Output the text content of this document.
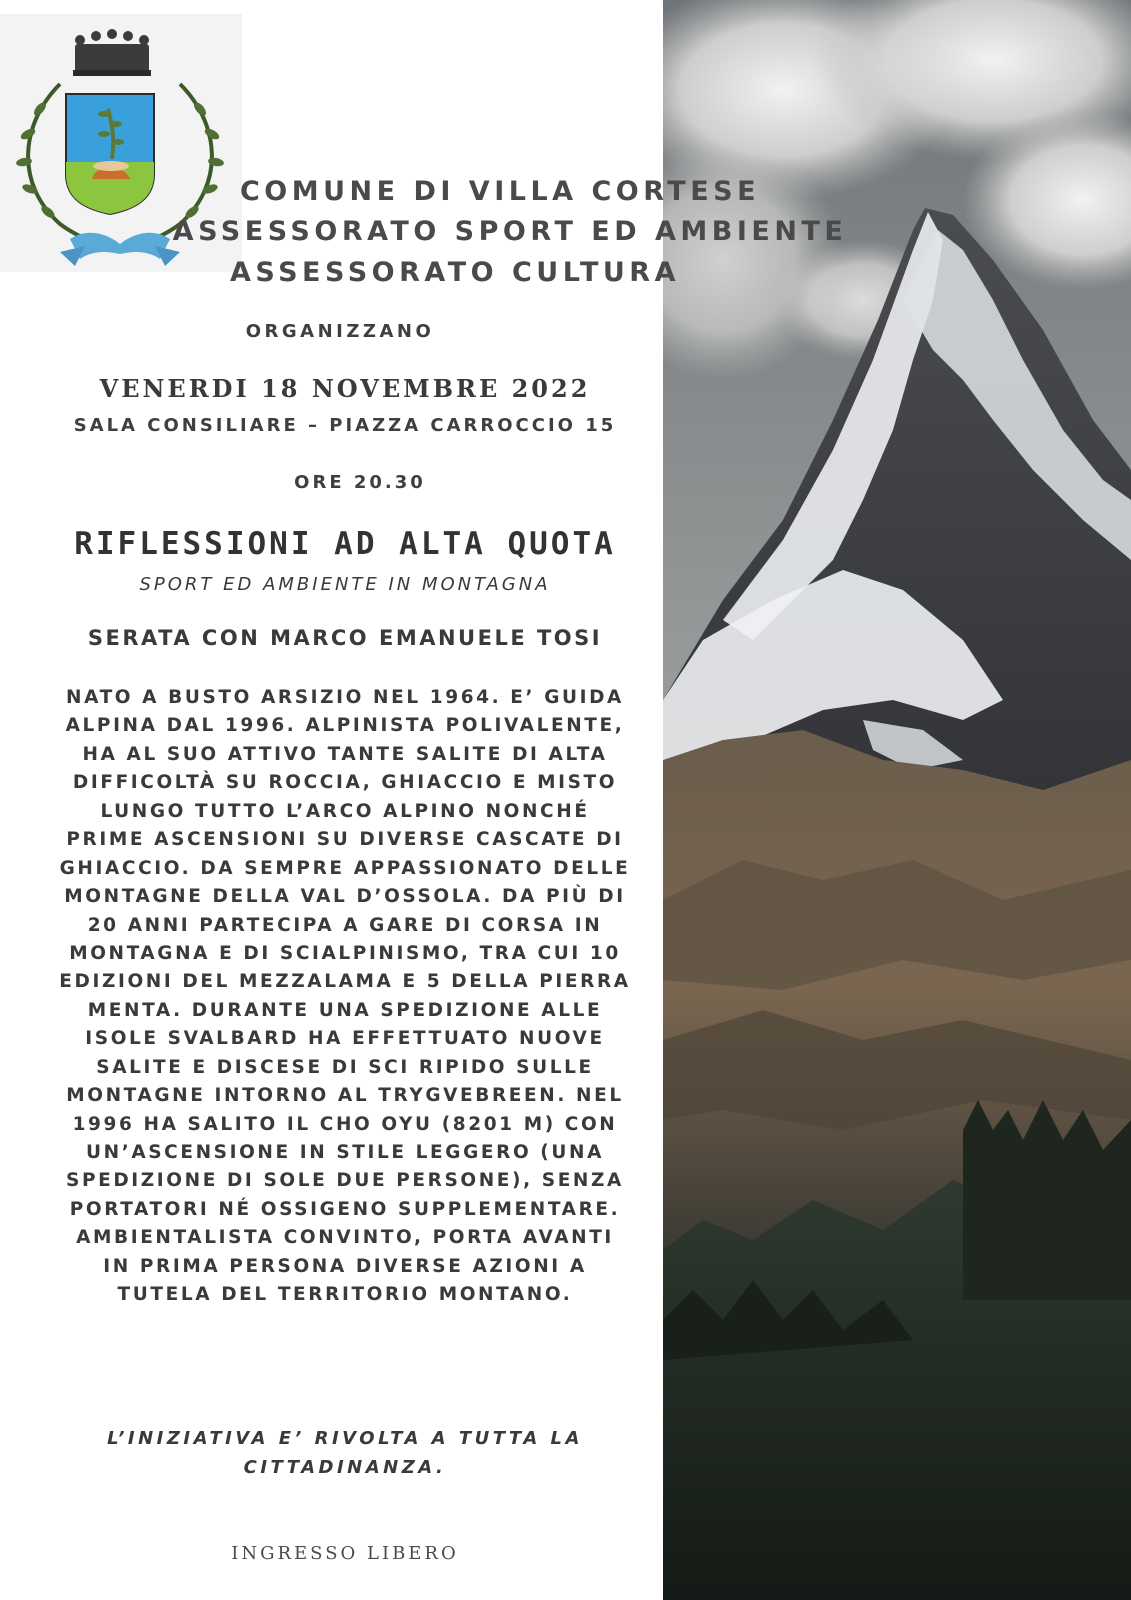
COMUNE DI VILLA CORTESE

ASSESSORATO SPORT ED AMBIENTE

ASSESSORATO CULTURA

ORGANIZZANO

VENERDI 18 NOVEMBRE 2022

SALA CONSILIARE – PIAZZA CARROCCIO 15

ORE 20.30

RIFLESSIONI AD ALTA QUOTA

SPORT ED AMBIENTE IN MONTAGNA

SERATA CON MARCO EMANUELE TOSI

NATO A BUSTO ARSIZIO NEL 1964. E’ GUIDA
ALPINA DAL 1996. ALPINISTA POLIVALENTE,
HA AL SUO ATTIVO TANTE SALITE DI ALTA
DIFFICOLTÀ SU ROCCIA, GHIACCIO E MISTO
LUNGO TUTTO L’ARCO ALPINO NONCHÉ
PRIME ASCENSIONI SU DIVERSE CASCATE DI
GHIACCIO. DA SEMPRE APPASSIONATO DELLE
MONTAGNE DELLA VAL D’OSSOLA. DA PIÙ DI
20 ANNI PARTECIPA A GARE DI CORSA IN
MONTAGNA E DI SCIALPINISMO, TRA CUI 10
EDIZIONI DEL MEZZALAMA E 5 DELLA PIERRA
MENTA. DURANTE UNA SPEDIZIONE ALLE
ISOLE SVALBARD HA EFFETTUATO NUOVE
SALITE E DISCESE DI SCI RIPIDO SULLE
MONTAGNE INTORNO AL TRYGVEBREEN. NEL
1996 HA SALITO IL CHO OYU (8201 M) CON
UN’ASCENSIONE IN STILE LEGGERO (UNA
SPEDIZIONE DI SOLE DUE PERSONE), SENZA
PORTATORI NÉ OSSIGENO SUPPLEMENTARE.
AMBIENTALISTA CONVINTO, PORTA AVANTI
IN PRIMA PERSONA DIVERSE AZIONI A
TUTELA DEL TERRITORIO MONTANO.

L’INIZIATIVA E’ RIVOLTA A TUTTA LA

CITTADINANZA.

INGRESSO LIBERO
